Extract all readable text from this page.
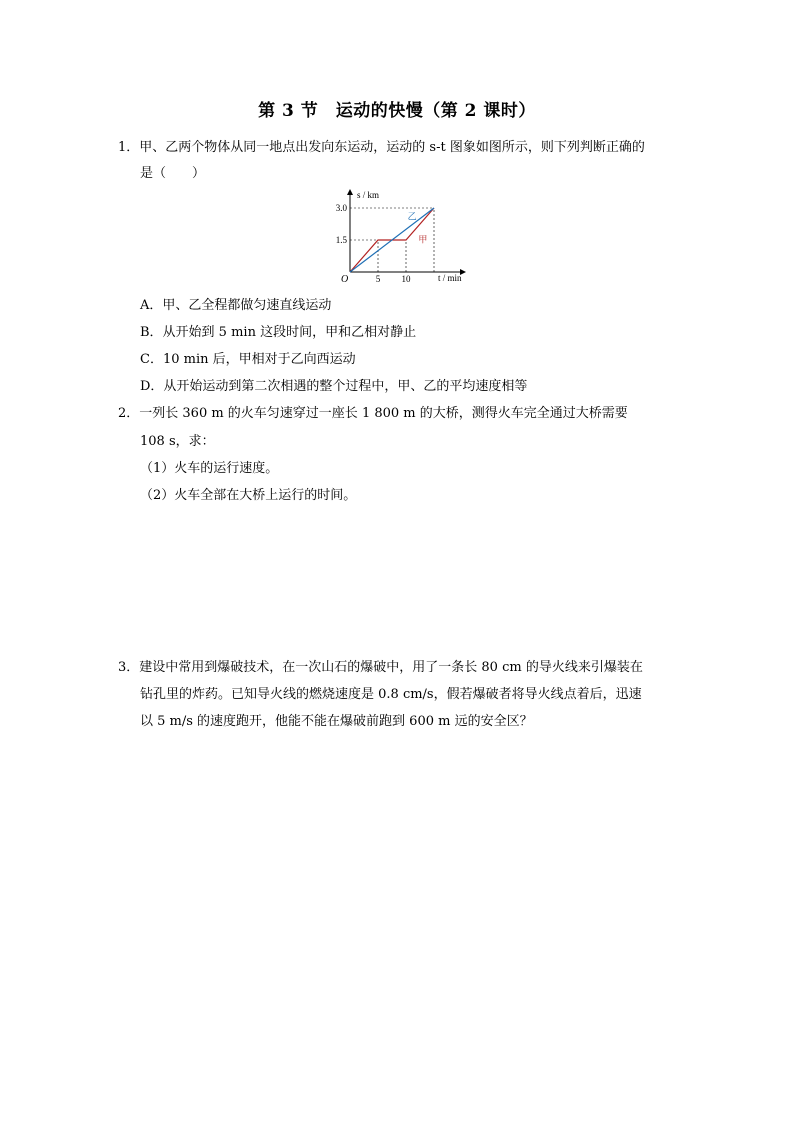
第 3 节　运动的快慢（第 2 课时）
1．甲、乙两个物体从同一地点出发向东运动，运动的 s-t 图象如图所示，则下列判断正确的
是（　　）
乙
甲
s / km
t / min
O	5 10
1.5
3.0
A．甲、乙全程都做匀速直线运动
B．从开始到 5 min 这段时间，甲和乙相对静止
C．10 min 后，甲相对于乙向西运动
D．从开始运动到第二次相遇的整个过程中，甲、乙的平均速度相等
2．一列长 360 m 的火车匀速穿过一座长 1 800 m 的大桥，测得火车完全通过大桥需要
108 s，求：
（1）火车的运行速度。
（2）火车全部在大桥上运行的时间。
3．建设中常用到爆破技术，在一次山石的爆破中，用了一条长 80 cm 的导火线来引爆装在
钻孔里的炸药。已知导火线的燃烧速度是 0.8 cm/s，假若爆破者将导火线点着后，迅速
以 5 m/s 的速度跑开，他能不能在爆破前跑到 600 m 远的安全区？
